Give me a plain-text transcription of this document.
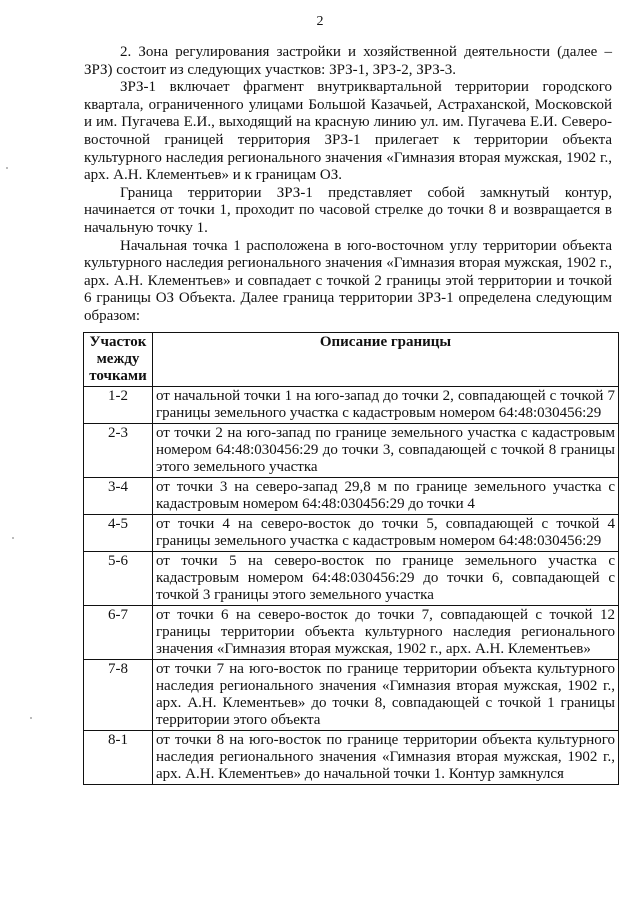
2

2. Зона регулирования застройки и хозяйственной деятельности (далее – ЗРЗ) состоит из следующих участков: ЗРЗ-1, ЗРЗ-2, ЗРЗ-3.

ЗРЗ-1 включает фрагмент внутриквартальной территории городского квартала, ограниченного улицами Большой Казачьей, Астраханской, Московской и им. Пугачева Е.И., выходящий на красную линию ул. им. Пугачева Е.И. Северо-восточной границей территория ЗРЗ-1 прилегает к территории объекта культурного наследия регионального значения «Гимназия вторая мужская, 1902 г., арх. А.Н. Клементьев» и к границам ОЗ.

Граница территории ЗРЗ-1 представляет собой замкнутый контур, начинается от точки 1, проходит по часовой стрелке до точки 8 и возвращается в начальную точку 1.

Начальная точка 1 расположена в юго-восточном углу территории объекта культурного наследия регионального значения «Гимназия вторая мужская, 1902 г., арх. А.Н. Клементьев» и совпадает с точкой 2 границы этой территории и точкой 6 границы ОЗ Объекта. Далее граница территории ЗРЗ-1 определена следующим образом:

Участок между точками	Описание границы
1-2	от начальной точки 1 на юго-запад до точки 2, совпадающей с точкой 7 границы земельного участка с кадастровым номером 64:48:030456:29
2-3	от точки 2 на юго-запад по границе земельного участка с кадастровым номером 64:48:030456:29 до точки 3, совпадающей с точкой 8 границы этого земельного участка
3-4	от точки 3 на северо-запад 29,8 м по границе земельного участка с кадастровым номером 64:48:030456:29 до точки 4
4-5	от точки 4 на северо-восток до точки 5, совпадающей с точкой 4 границы земельного участка с кадастровым номером 64:48:030456:29
5-6	от точки 5 на северо-восток по границе земельного участка с кадастровым номером 64:48:030456:29 до точки 6, совпадающей с точкой 3 границы этого земельного участка
6-7	от точки 6 на северо-восток до точки 7, совпадающей с точкой 12 границы территории объекта культурного наследия регионального значения «Гимназия вторая мужская, 1902 г., арх. А.Н. Клементьев»
7-8	от точки 7 на юго-восток по границе территории объекта культурного наследия регионального значения «Гимназия вторая мужская, 1902 г., арх. А.Н. Клементьев» до точки 8, совпадающей с точкой 1 границы территории этого объекта
8-1	от точки 8 на юго-восток по границе территории объекта культурного наследия регионального значения «Гимназия вторая мужская, 1902 г., арх. А.Н. Клементьев» до начальной точки 1. Контур замкнулся
